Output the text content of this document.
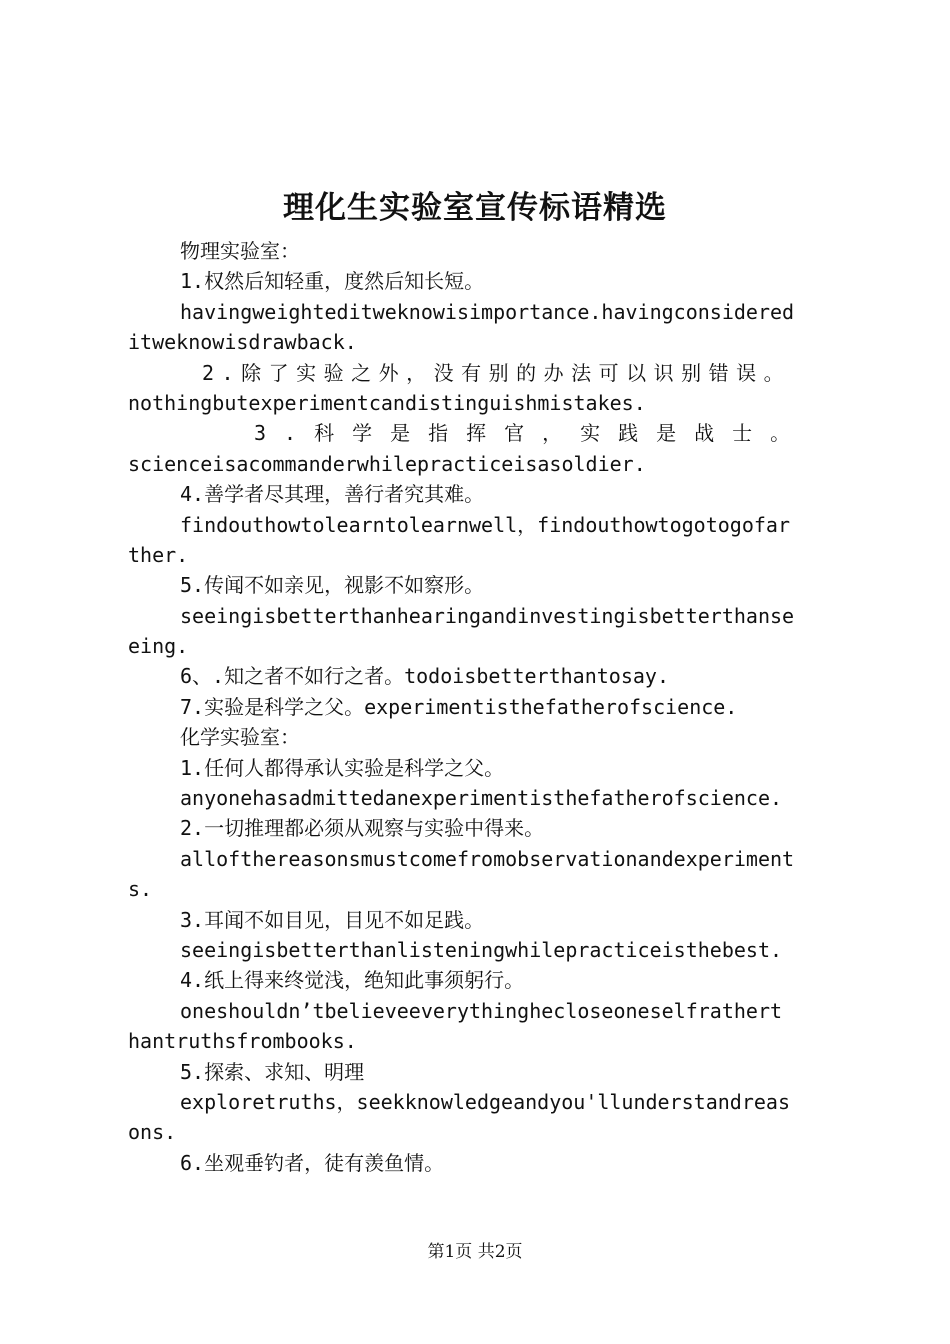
理化生实验室宣传标语精选
物理实验室：
1.权然后知轻重，度然后知长短。
havingweighteditweknowisimportance.havingconsidered
itweknowisdrawback.
2.除了实验之外，没有别的办法可以识别错误。
nothingbutexperimentcandistinguishmistakes.
3.科学是指挥官，实践是战士。
scienceisacommanderwhilepracticeisasoldier.
4.善学者尽其理，善行者究其难。
findouthowtolearntolearnwell，findouthowtogotogofar
ther.
5.传闻不如亲见，视影不如察形。
seeingisbetterthanhearingandinvestingisbetterthanse
eing.
6、.知之者不如行之者。todoisbetterthantosay.
7.实验是科学之父。experimentisthefatherofscience.
化学实验室：
1.任何人都得承认实验是科学之父。
anyonehasadmittedanexperimentisthefatherofscience.
2.一切推理都必须从观察与实验中得来。
allofthereasonsmustcomefromobservationandexperiment
s.
3.耳闻不如目见，目见不如足践。
seeingisbetterthanlisteningwhilepracticeisthebest.
4.纸上得来终觉浅，绝知此事须躬行。
oneshouldn’tbelieveeverythinghecloseoneselfrathert
hantruthsfrombooks.
5.探索、求知、明理
exploretruths，seekknowledgeandyou'llunderstandreas
ons.
6.坐观垂钓者，徒有羡鱼情。
第1页 共2页
